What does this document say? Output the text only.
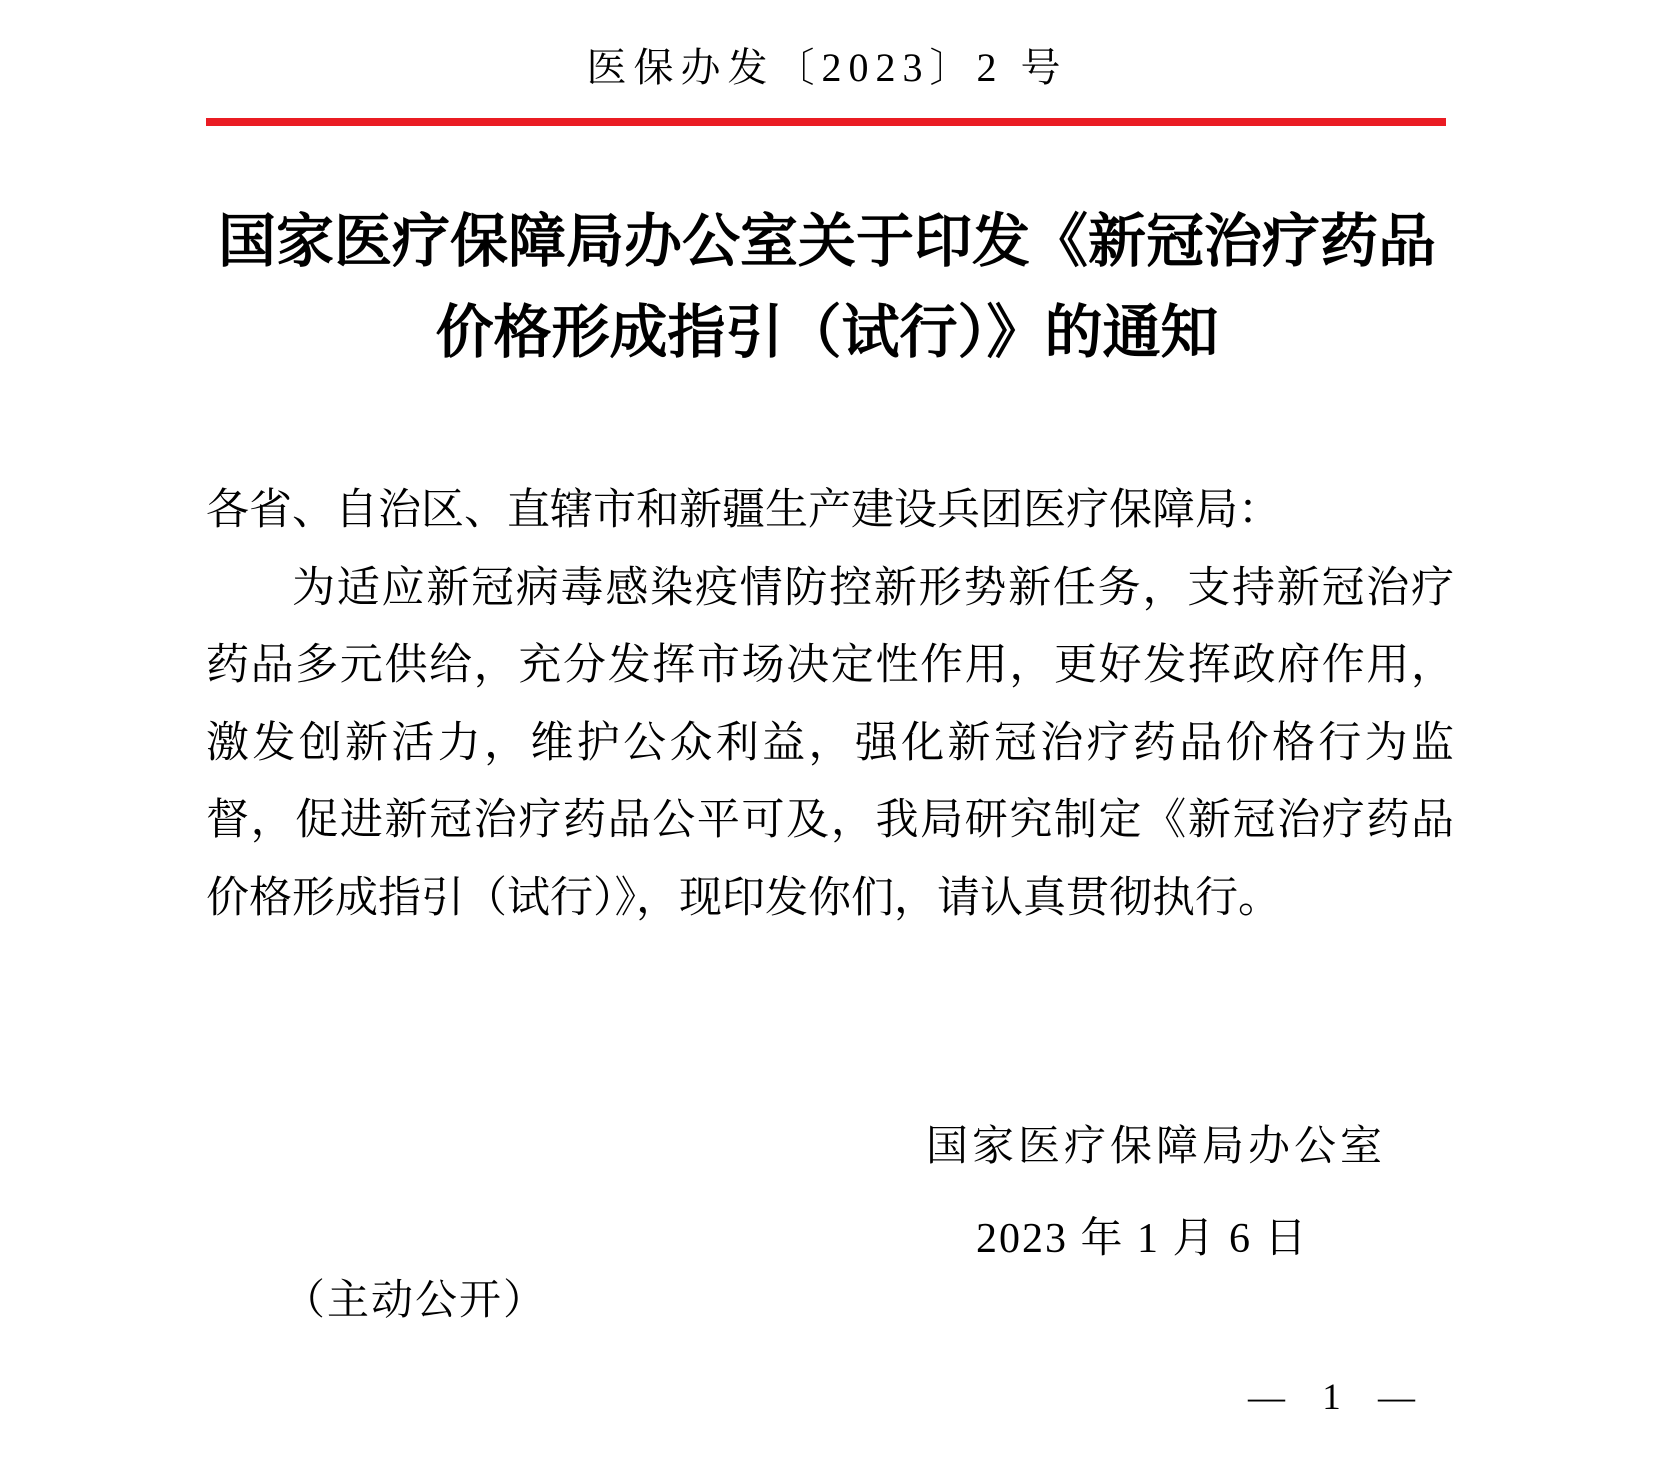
医保办发〔2023〕2 号
国家医疗保障局办公室关于印发《新冠治疗药品
价格形成指引（试行）》的通知
各省、自治区、直辖市和新疆生产建设兵团医疗保障局：
为适应新冠病毒感染疫情防控新形势新任务，支持新冠治疗
药品多元供给，充分发挥市场决定性作用，更好发挥政府作用，
激发创新活力，维护公众利益，强化新冠治疗药品价格行为监
督，促进新冠治疗药品公平可及，我局研究制定《新冠治疗药品
价格形成指引（试行）》，现印发你们，请认真贯彻执行。
国家医疗保障局办公室
2023 年 1 月 6 日
（主动公开）
— 1 —
